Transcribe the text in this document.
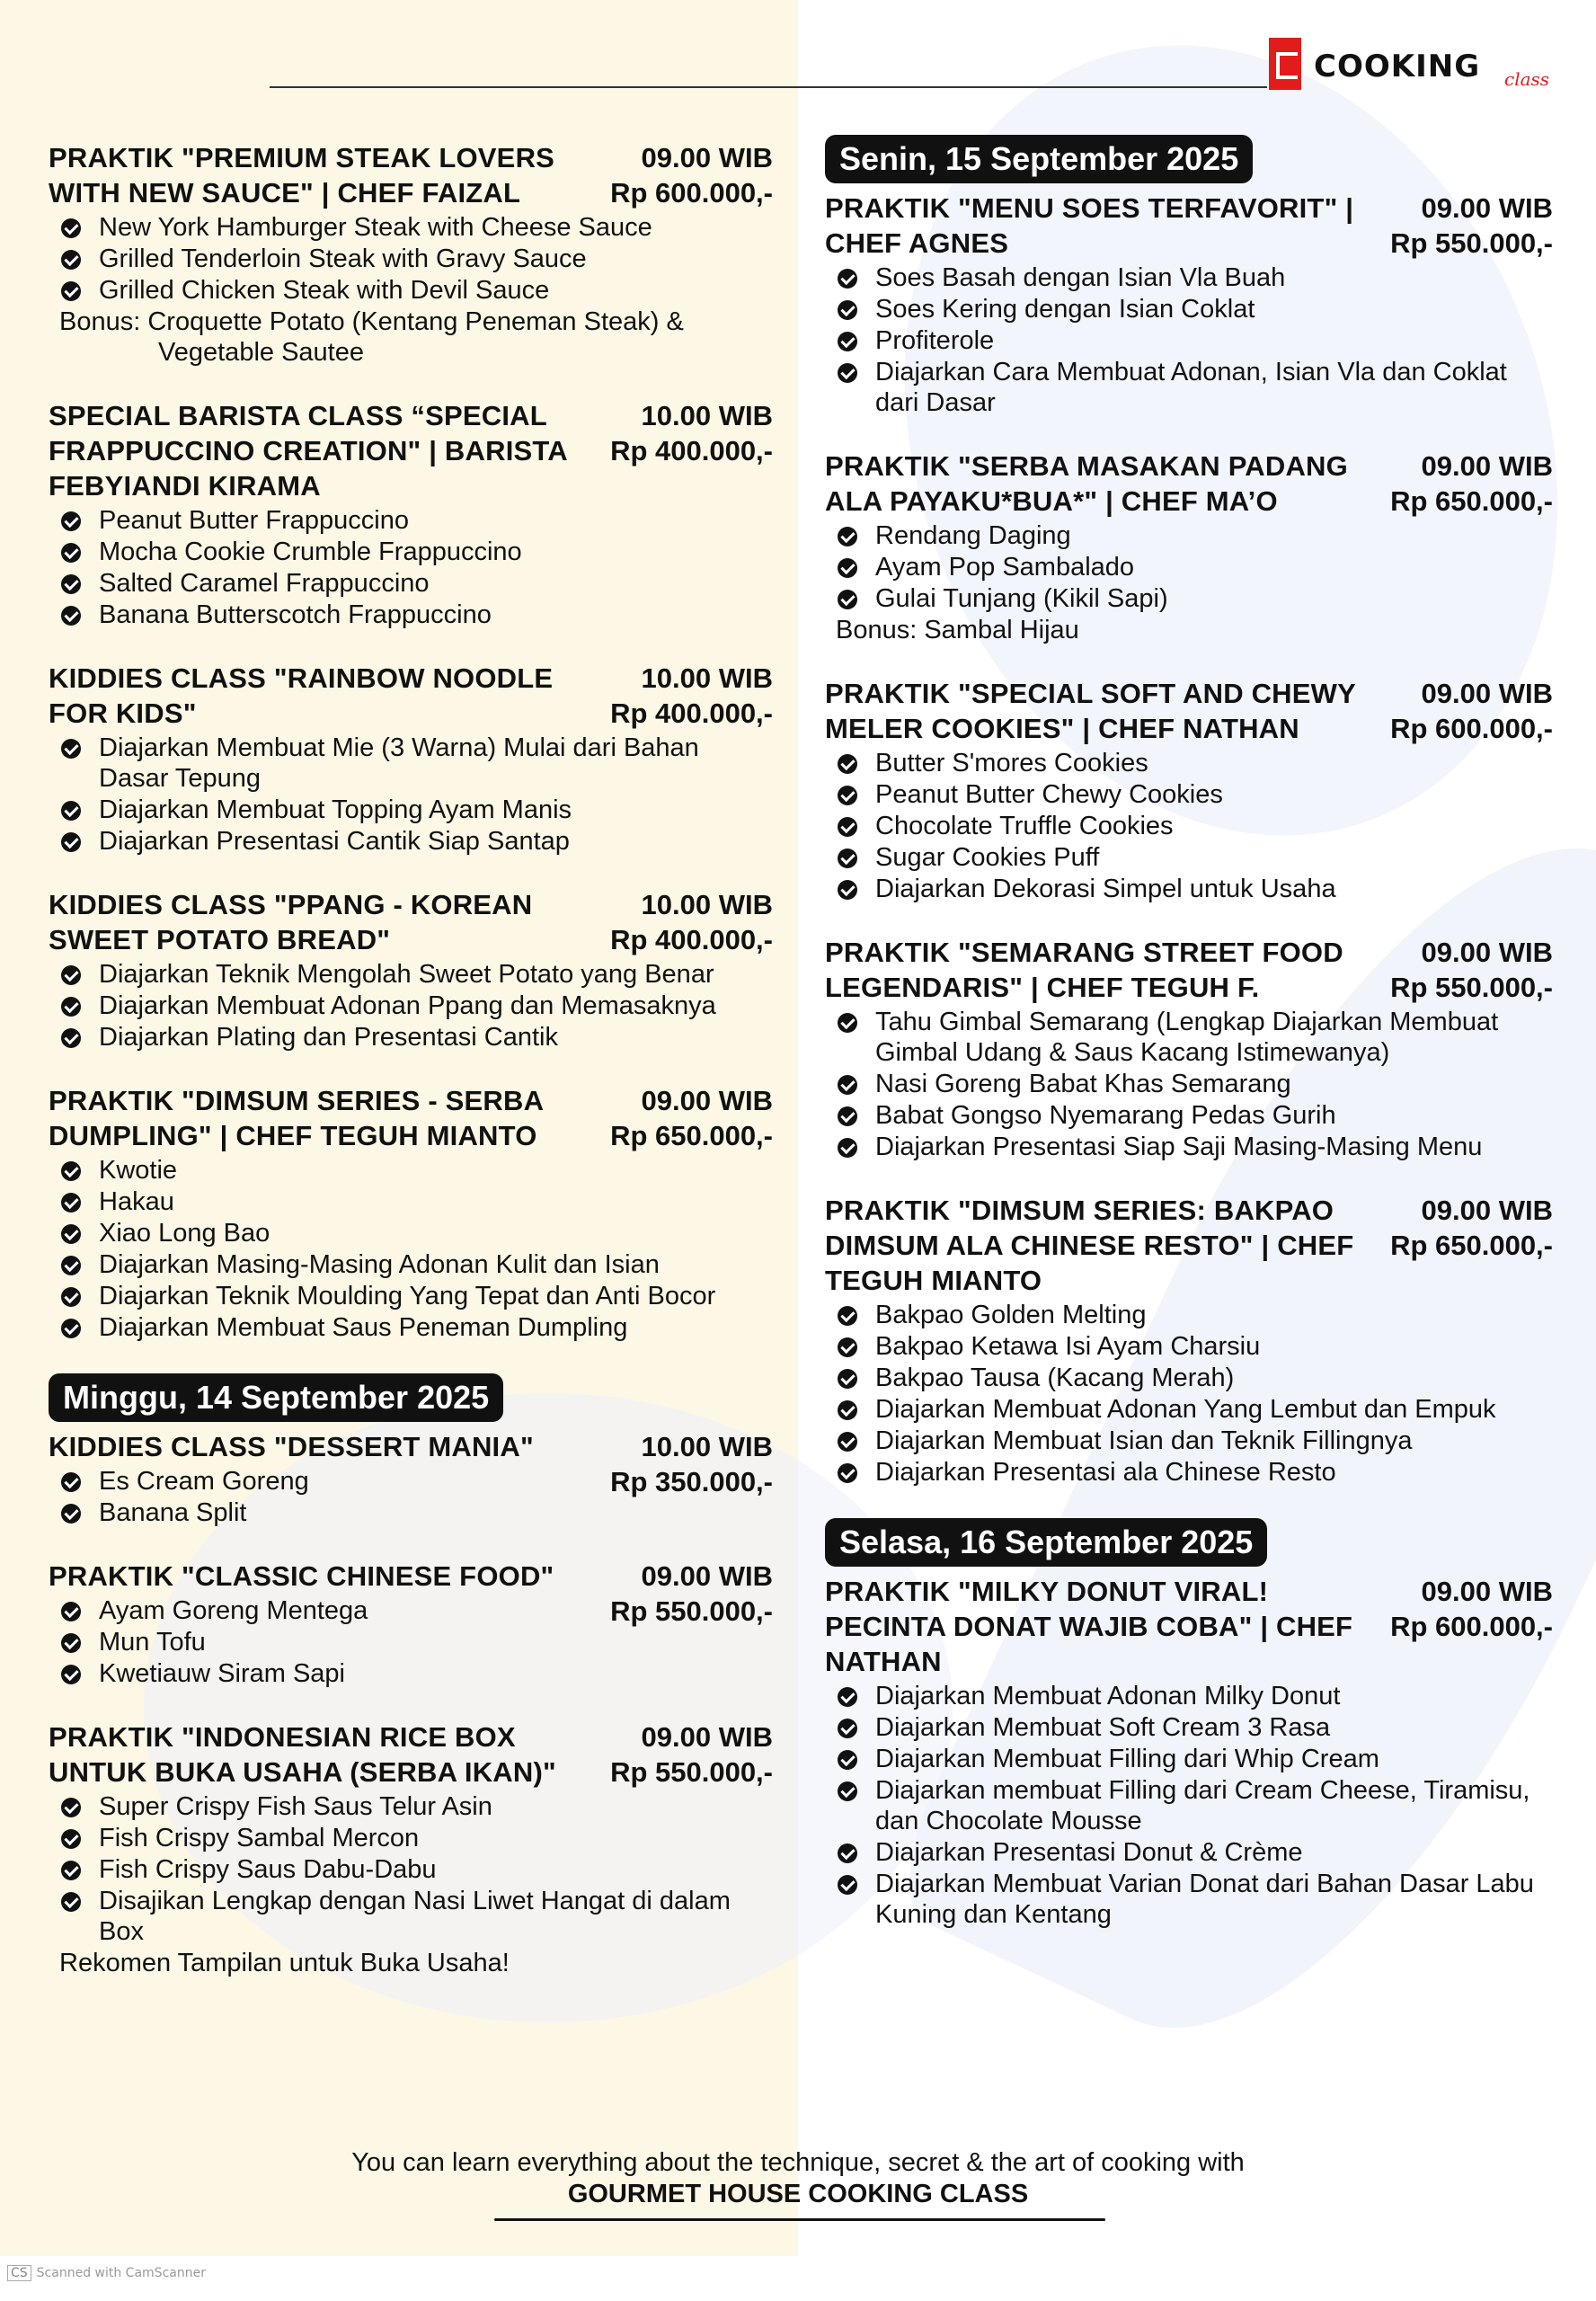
COOKING class
PRAKTIK "PREMIUM STEAK LOVERS WITH NEW SAUCE" | CHEF FAIZAL
09.00 WIB
Rp 600.000,-
New York Hamburger Steak with Cheese Sauce
Grilled Tenderloin Steak with Gravy Sauce
Grilled Chicken Steak with Devil Sauce
Bonus: Croquette Potato (Kentang Peneman Steak) &
Vegetable Sautee
SPECIAL BARISTA CLASS “SPECIAL FRAPPUCCINO CREATION" | BARISTA FEBYIANDI KIRAMA
10.00 WIB
Rp 400.000,-
Peanut Butter Frappuccino
Mocha Cookie Crumble Frappuccino
Salted Caramel Frappuccino
Banana Butterscotch Frappuccino
KIDDIES CLASS "RAINBOW NOODLE FOR KIDS"
10.00 WIB
Rp 400.000,-
Diajarkan Membuat Mie (3 Warna) Mulai dari Bahan Dasar Tepung
Diajarkan Membuat Topping Ayam Manis
Diajarkan Presentasi Cantik Siap Santap
KIDDIES CLASS "PPANG - KOREAN SWEET POTATO BREAD"
10.00 WIB
Rp 400.000,-
Diajarkan Teknik Mengolah Sweet Potato yang Benar
Diajarkan Membuat Adonan Ppang dan Memasaknya
Diajarkan Plating dan Presentasi Cantik
PRAKTIK "DIMSUM SERIES - SERBA DUMPLING" | CHEF TEGUH MIANTO
09.00 WIB
Rp 650.000,-
Kwotie
Hakau
Xiao Long Bao
Diajarkan Masing-Masing Adonan Kulit dan Isian
Diajarkan Teknik Moulding Yang Tepat dan Anti Bocor
Diajarkan Membuat Saus Peneman Dumpling
Minggu, 14 September 2025
KIDDIES CLASS "DESSERT MANIA"	10.00 WIB
Rp 350.000,-
Es Cream Goreng
Banana Split
PRAKTIK "CLASSIC CHINESE FOOD"	09.00 WIB
Rp 550.000,-
Ayam Goreng Mentega
Mun Tofu
Kwetiauw Siram Sapi
PRAKTIK "INDONESIAN RICE BOX UNTUK BUKA USAHA (SERBA IKAN)"
09.00 WIB
Rp 550.000,-
Super Crispy Fish Saus Telur Asin
Fish Crispy Sambal Mercon
Fish Crispy Saus Dabu-Dabu
Disajikan Lengkap dengan Nasi Liwet Hangat di dalam Box
Rekomen Tampilan untuk Buka Usaha!
Senin, 15 September 2025
PRAKTIK "MENU SOES TERFAVORIT" | CHEF AGNES
09.00 WIB
Rp 550.000,-
Soes Basah dengan Isian Vla Buah
Soes Kering dengan Isian Coklat
Profiterole
Diajarkan Cara Membuat Adonan, Isian Vla dan Coklat dari Dasar
PRAKTIK "SERBA MASAKAN PADANG ALA PAYAKU*BUA*" | CHEF MA’O
09.00 WIB
Rp 650.000,-
Rendang Daging
Ayam Pop Sambalado
Gulai Tunjang (Kikil Sapi)
Bonus: Sambal Hijau
PRAKTIK "SPECIAL SOFT AND CHEWY MELER COOKIES" | CHEF NATHAN
09.00 WIB
Rp 600.000,-
Butter S'mores Cookies
Peanut Butter Chewy Cookies
Chocolate Truffle Cookies
Sugar Cookies Puff
Diajarkan Dekorasi Simpel untuk Usaha
PRAKTIK "SEMARANG STREET FOOD LEGENDARIS" | CHEF TEGUH F.
09.00 WIB
Rp 550.000,-
Tahu Gimbal Semarang (Lengkap Diajarkan Membuat Gimbal Udang & Saus Kacang Istimewanya)
Nasi Goreng Babat Khas Semarang
Babat Gongso Nyemarang Pedas Gurih
Diajarkan Presentasi Siap Saji Masing-Masing Menu
PRAKTIK "DIMSUM SERIES: BAKPAO DIMSUM ALA CHINESE RESTO" | CHEF TEGUH MIANTO
09.00 WIB
Rp 650.000,-
Bakpao Golden Melting
Bakpao Ketawa Isi Ayam Charsiu
Bakpao Tausa (Kacang Merah)
Diajarkan Membuat Adonan Yang Lembut dan Empuk
Diajarkan Membuat Isian dan Teknik Fillingnya
Diajarkan Presentasi ala Chinese Resto
Selasa, 16 September 2025
PRAKTIK "MILKY DONUT VIRAL! PECINTA DONAT WAJIB COBA" | CHEF NATHAN
09.00 WIB
Rp 600.000,-
Diajarkan Membuat Adonan Milky Donut
Diajarkan Membuat Soft Cream 3 Rasa
Diajarkan Membuat Filling dari Whip Cream
Diajarkan membuat Filling dari Cream Cheese, Tiramisu, dan Chocolate Mousse
Diajarkan Presentasi Donut & Crème
Diajarkan Membuat Varian Donat dari Bahan Dasar Labu Kuning dan Kentang
You can learn everything about the technique, secret & the art of cooking with
GOURMET HOUSE COOKING CLASS
CS Scanned with CamScanner
